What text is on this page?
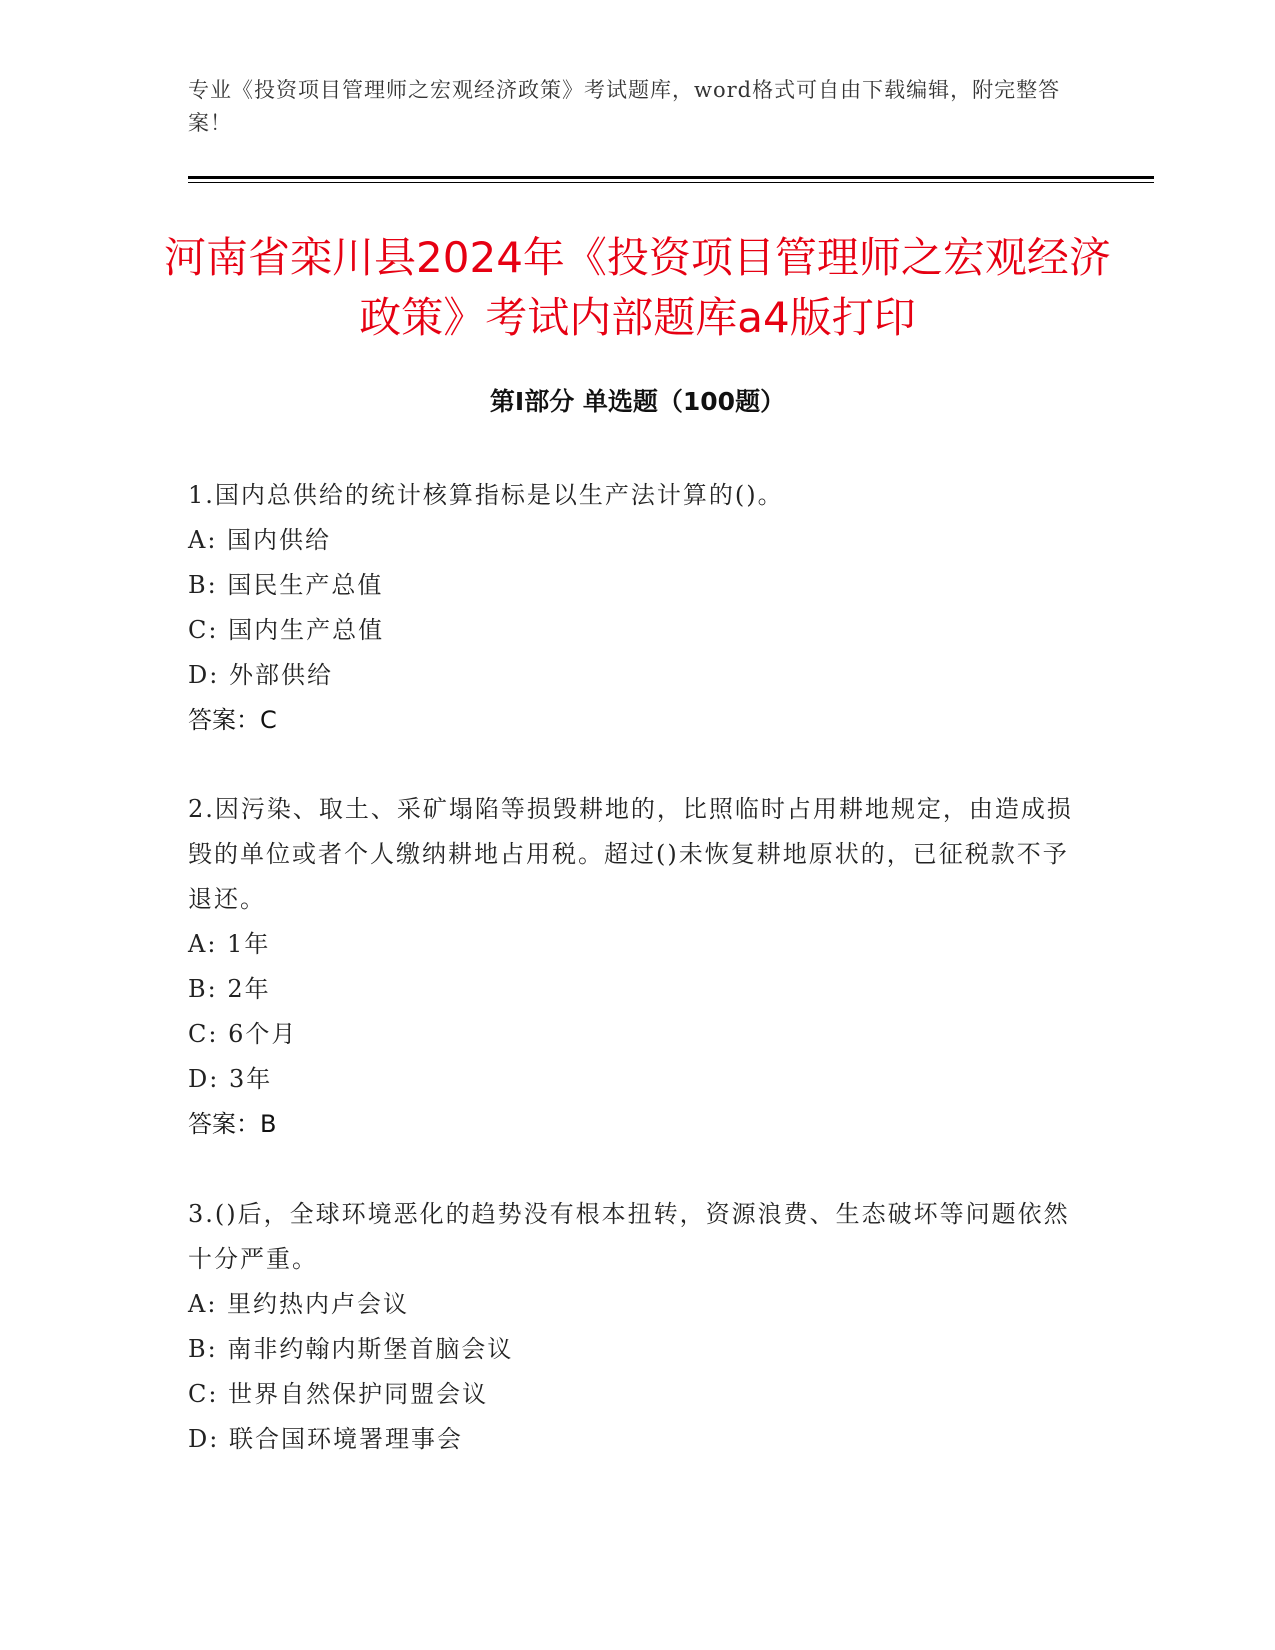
专业《投资项目管理师之宏观经济政策》考试题库，word格式可自由下载编辑，附完整答案！
河南省栾川县2024年《投资项目管理师之宏观经济政策》考试内部题库a4版打印
第Ⅰ部分 单选题（100题）
1.国内总供给的统计核算指标是以生产法计算的()。
A: 国内供给
B: 国民生产总值
C: 国内生产总值
D: 外部供给
答案：C
2.因污染、取土、采矿塌陷等损毁耕地的，比照临时占用耕地规定，由造成损毁的单位或者个人缴纳耕地占用税。超过()未恢复耕地原状的，已征税款不予退还。
A: 1年
B: 2年
C: 6个月
D: 3年
答案：B
3.()后，全球环境恶化的趋势没有根本扭转，资源浪费、生态破坏等问题依然十分严重。
A: 里约热内卢会议
B: 南非约翰内斯堡首脑会议
C: 世界自然保护同盟会议
D: 联合国环境署理事会
